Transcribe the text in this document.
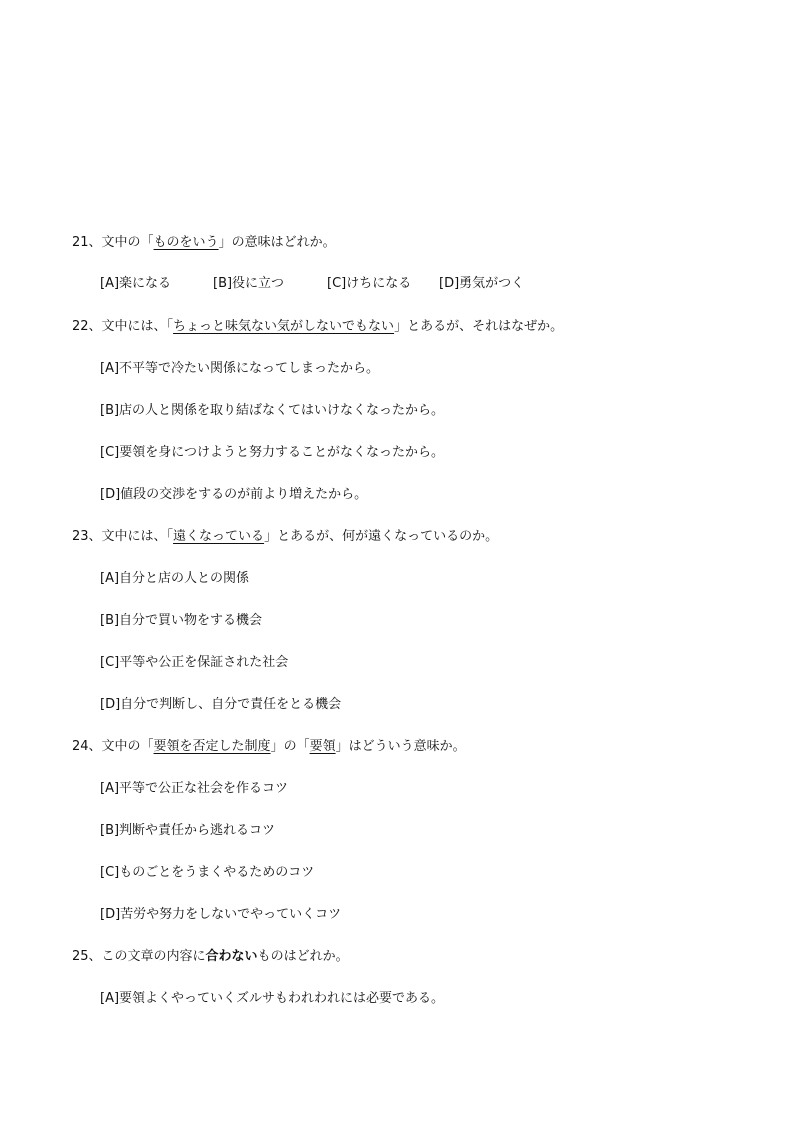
21、文中の「ものをいう」の意味はどれか。
[A]楽になる	[B]役に立つ	[C]けちになる [D]勇気がつく
22、文中には、「ちょっと味気ない気がしないでもない」とあるが、それはなぜか。
[A]不平等で冷たい関係になってしまったから。
[B]店の人と関係を取り結ばなくてはいけなくなったから。
[C]要領を身につけようと努力することがなくなったから。
[D]値段の交渉をするのが前より増えたから。
23、文中には、「遠くなっている」とあるが、何が遠くなっているのか。
[A]自分と店の人との関係
[B]自分で買い物をする機会
[C]平等や公正を保証された社会
[D]自分で判断し、自分で責任をとる機会
24、文中の「要領を否定した制度」の「要領」はどういう意味か。
[A]平等で公正な社会を作るコツ
[B]判断や責任から逃れるコツ
[C]ものごとをうまくやるためのコツ
[D]苦労や努力をしないでやっていくコツ
25、この文章の内容に合わないものはどれか。
[A]要領よくやっていくズルサもわれわれには必要である。
